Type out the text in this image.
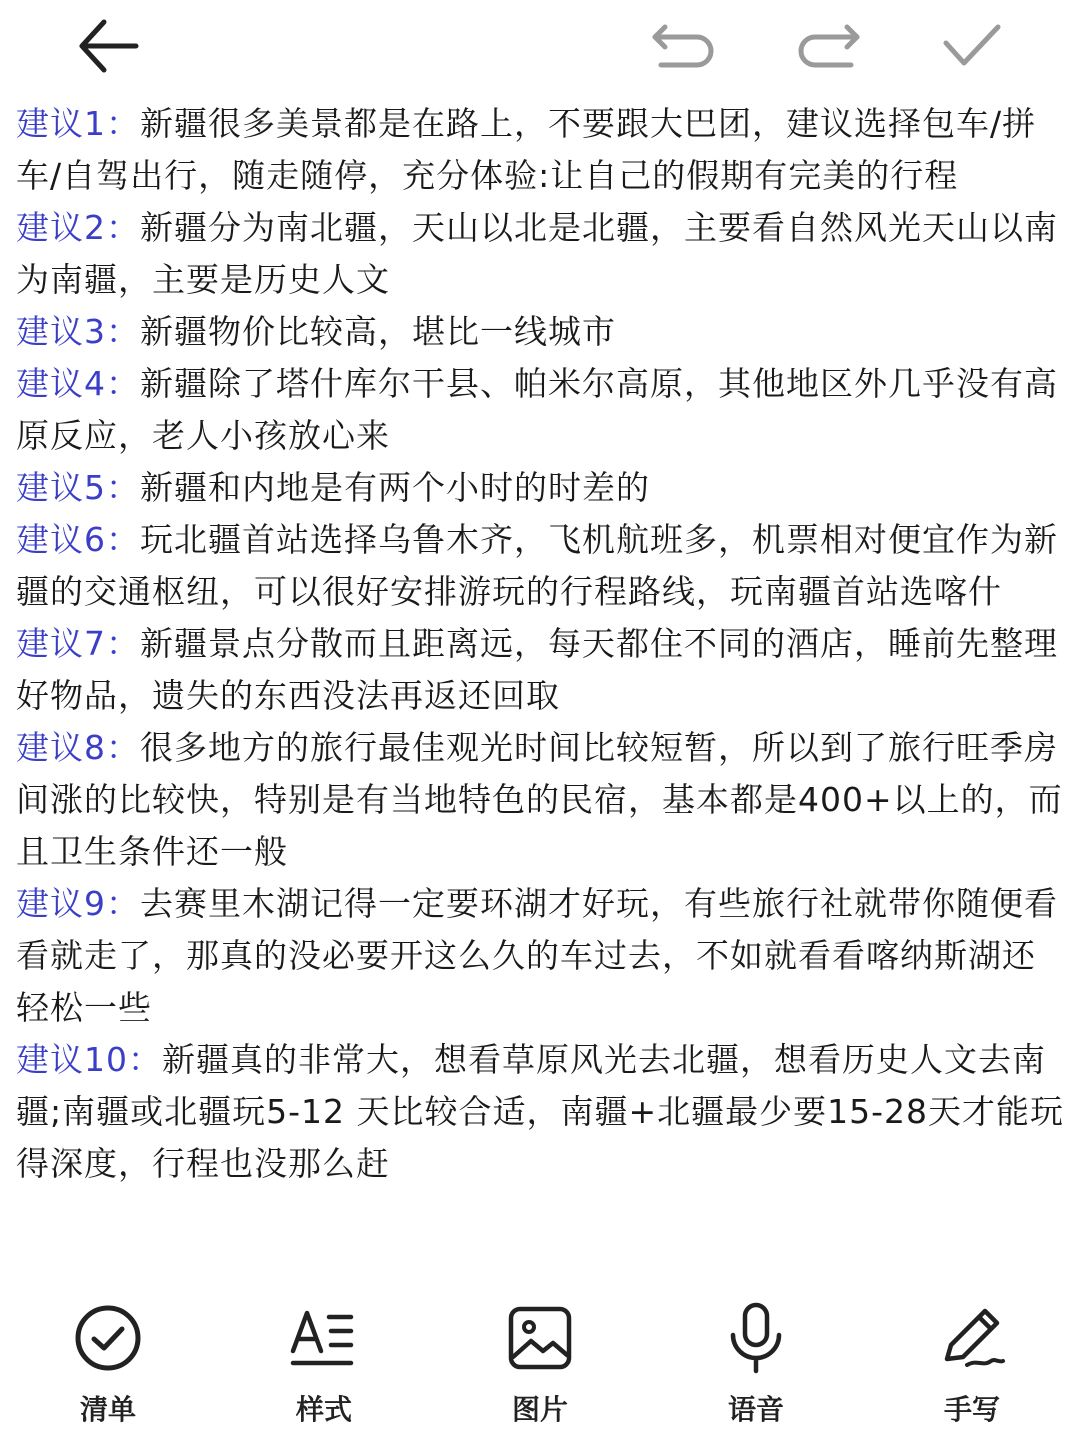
建议1：新疆很多美景都是在路上，不要跟大巴团，建议选择包车/拼车/自驾出行，随走随停，充分体验:让自己的假期有完美的行程

建议2：新疆分为南北疆，天山以北是北疆，主要看自然风光天山以南为南疆，主要是历史人文

建议3：新疆物价比较高，堪比一线城市

建议4：新疆除了塔什库尔干县、帕米尔高原，其他地区外几乎没有高原反应，老人小孩放心来

建议5：新疆和内地是有两个小时的时差的

建议6：玩北疆首站选择乌鲁木齐，飞机航班多，机票相对便宜作为新疆的交通枢纽，可以很好安排游玩的行程路线，玩南疆首站选喀什

建议7：新疆景点分散而且距离远，每天都住不同的酒店，睡前先整理好物品，遗失的东西没法再返还回取

建议8：很多地方的旅行最佳观光时间比较短暂，所以到了旅行旺季房间涨的比较快，特别是有当地特色的民宿，基本都是400+以上的，而且卫生条件还一般

建议9：去赛里木湖记得一定要环湖才好玩，有些旅行社就带你随便看看就走了，那真的没必要开这么久的车过去，不如就看看喀纳斯湖还轻松一些

建议10：新疆真的非常大，想看草原风光去北疆，想看历史人文去南疆;南疆或北疆玩5-12 天比较合适，南疆+北疆最少要15-28天才能玩得深度，行程也没那么赶

清单	样式	图片	语音	手写
